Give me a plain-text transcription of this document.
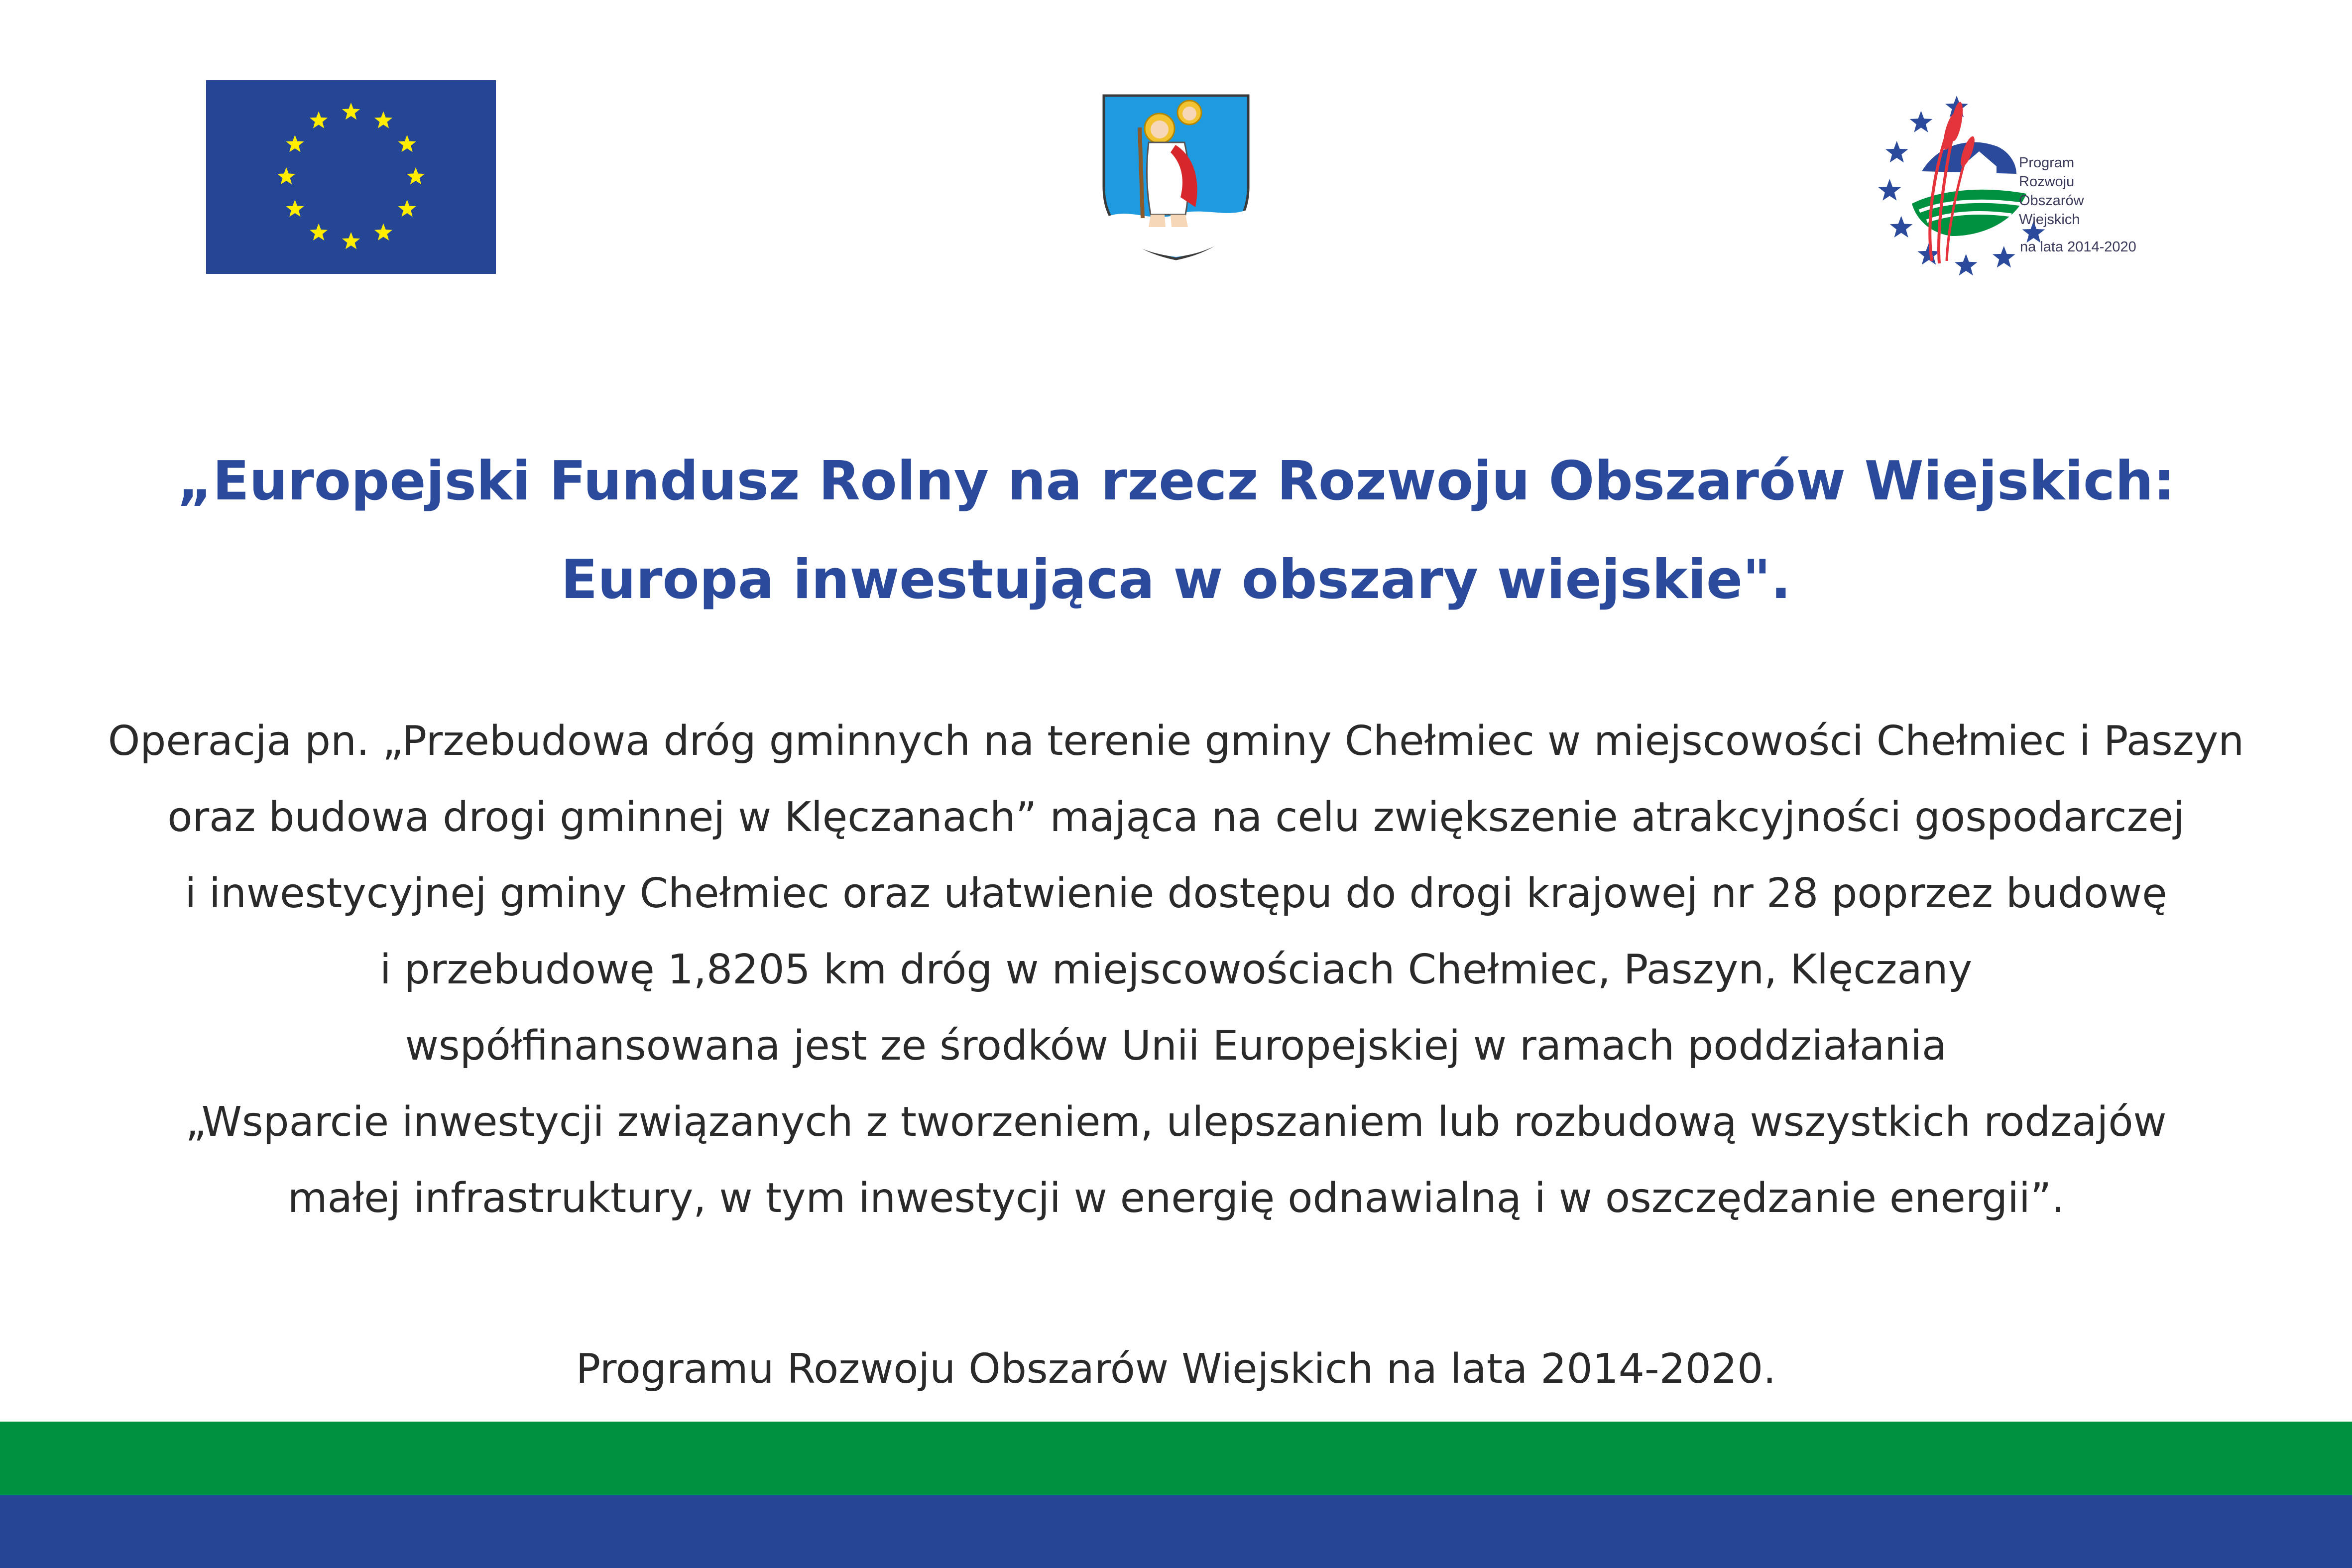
Program
Rozwoju
Obszarów
Wiejskich
na lata 2014-2020
„Europejski Fundusz Rolny na rzecz Rozwoju Obszarów Wiejskich:
Europa inwestująca w obszary wiejskie".
Operacja pn. „Przebudowa dróg gminnych na terenie gminy Chełmiec w miejscowości Chełmiec i Paszyn
oraz budowa drogi gminnej w Klęczanach” mająca na celu zwiększenie atrakcyjności gospodarczej
i inwestycyjnej gminy Chełmiec oraz ułatwienie dostępu do drogi krajowej nr 28 poprzez budowę
i przebudowę 1,8205 km dróg w miejscowościach Chełmiec, Paszyn, Klęczany
współfinansowana jest ze środków Unii Europejskiej w ramach poddziałania
„Wsparcie inwestycji związanych z tworzeniem, ulepszaniem lub rozbudową wszystkich rodzajów
małej infrastruktury, w tym inwestycji w energię odnawialną i w oszczędzanie energii”.
Programu Rozwoju Obszarów Wiejskich na lata 2014-2020.
